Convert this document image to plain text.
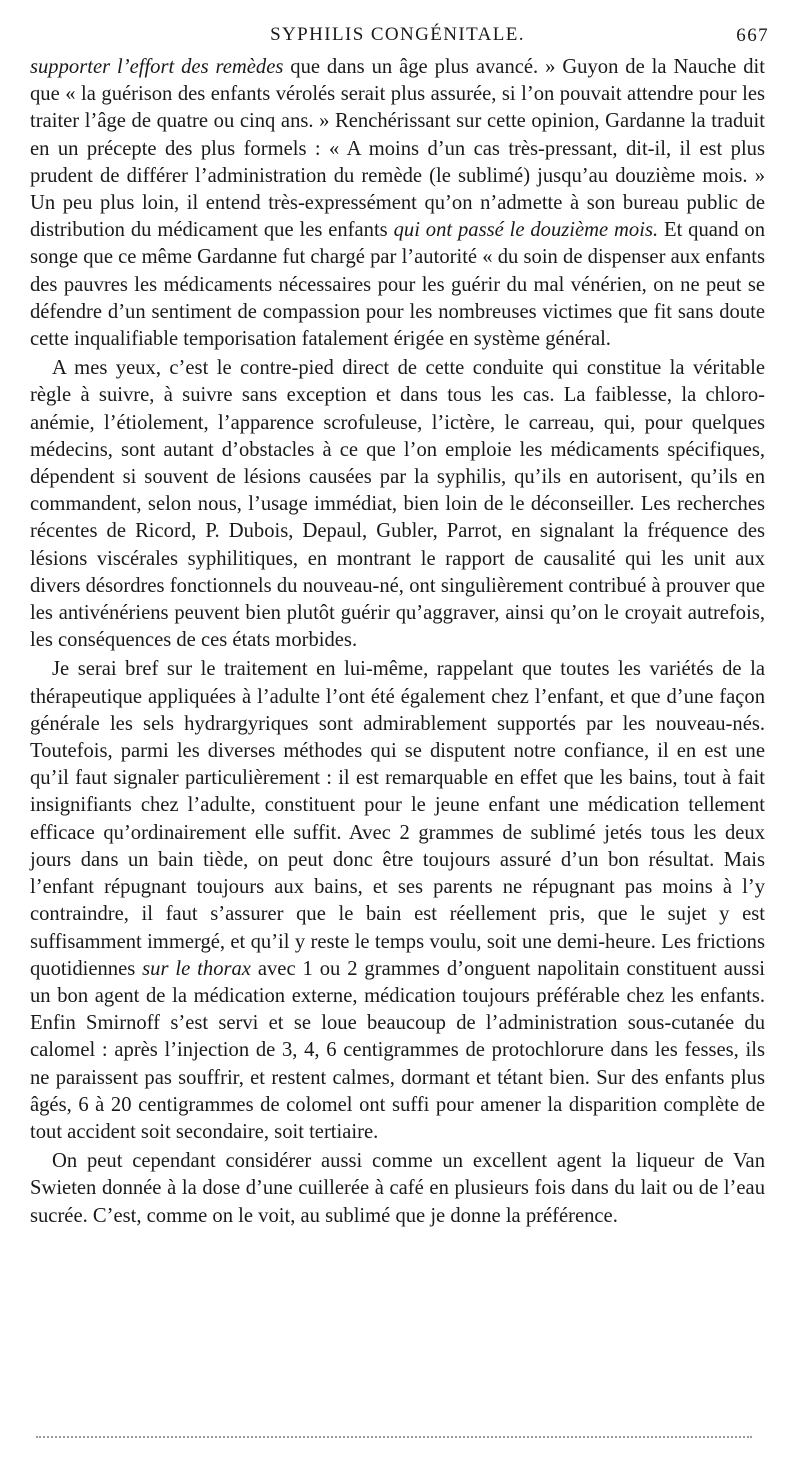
SYPHILIS CONGÉNITALE.	667

supporter l’effort des remèdes que dans un âge plus avancé. » Guyon de la Nauche dit que « la guérison des enfants vérolés serait plus assurée, si l’on pouvait attendre pour les traiter l’âge de quatre ou cinq ans. » Renchérissant sur cette opinion, Gardanne la traduit en un précepte des plus formels : « A moins d’un cas très-pressant, dit-il, il est plus prudent de différer l’administration du remède (le sublimé) jusqu’au douzième mois. » Un peu plus loin, il entend très-expressément qu’on n’admette à son bureau public de distribution du médicament que les enfants qui ont passé le douzième mois. Et quand on songe que ce même Gardanne fut chargé par l’autorité « du soin de dispenser aux enfants des pauvres les médicaments nécessaires pour les guérir du mal vénérien, on ne peut se défendre d’un sentiment de compassion pour les nombreuses victimes que fit sans doute cette inqualifiable temporisation fatalement érigée en système général.

A mes yeux, c’est le contre-pied direct de cette conduite qui constitue la véritable règle à suivre, à suivre sans exception et dans tous les cas. La faiblesse, la chloro-anémie, l’étiolement, l’apparence scrofuleuse, l’ictère, le carreau, qui, pour quelques médecins, sont autant d’obstacles à ce que l’on emploie les médicaments spécifiques, dépendent si souvent de lésions causées par la syphilis, qu’ils en autorisent, qu’ils en commandent, selon nous, l’usage immédiat, bien loin de le déconseiller. Les recherches récentes de Ricord, P. Dubois, Depaul, Gubler, Parrot, en signalant la fréquence des lésions viscérales syphilitiques, en montrant le rapport de causalité qui les unit aux divers désordres fonctionnels du nouveau-né, ont singulièrement contribué à prouver que les antivénériens peuvent bien plutôt guérir qu’aggraver, ainsi qu’on le croyait autrefois, les conséquences de ces états morbides.

Je serai bref sur le traitement en lui-même, rappelant que toutes les variétés de la thérapeutique appliquées à l’adulte l’ont été également chez l’enfant, et que d’une façon générale les sels hydrargyriques sont admirablement supportés par les nouveau-nés. Toutefois, parmi les diverses méthodes qui se disputent notre confiance, il en est une qu’il faut signaler particulièrement : il est remarquable en effet que les bains, tout à fait insignifiants chez l’adulte, constituent pour le jeune enfant une médication tellement efficace qu’ordinairement elle suffit. Avec 2 grammes de sublimé jetés tous les deux jours dans un bain tiède, on peut donc être toujours assuré d’un bon résultat. Mais l’enfant répugnant toujours aux bains, et ses parents ne répugnant pas moins à l’y contraindre, il faut s’assurer que le bain est réellement pris, que le sujet y est suffisamment immergé, et qu’il y reste le temps voulu, soit une demi-heure. Les frictions quotidiennes sur le thorax avec 1 ou 2 grammes d’onguent napolitain constituent aussi un bon agent de la médication externe, médication toujours préférable chez les enfants. Enfin Smirnoff s’est servi et se loue beaucoup de l’administration sous-cutanée du calomel : après l’injection de 3, 4, 6 centigrammes de protochlorure dans les fesses, ils ne paraissent pas souffrir, et restent calmes, dormant et tétant bien. Sur des enfants plus âgés, 6 à 20 centigrammes de colomel ont suffi pour amener la disparition complète de tout accident soit secondaire, soit tertiaire.

On peut cependant considérer aussi comme un excellent agent la liqueur de Van Swieten donnée à la dose d’une cuillerée à café en plusieurs fois dans du lait ou de l’eau sucrée. C’est, comme on le voit, au sublimé que je donne la préférence.
